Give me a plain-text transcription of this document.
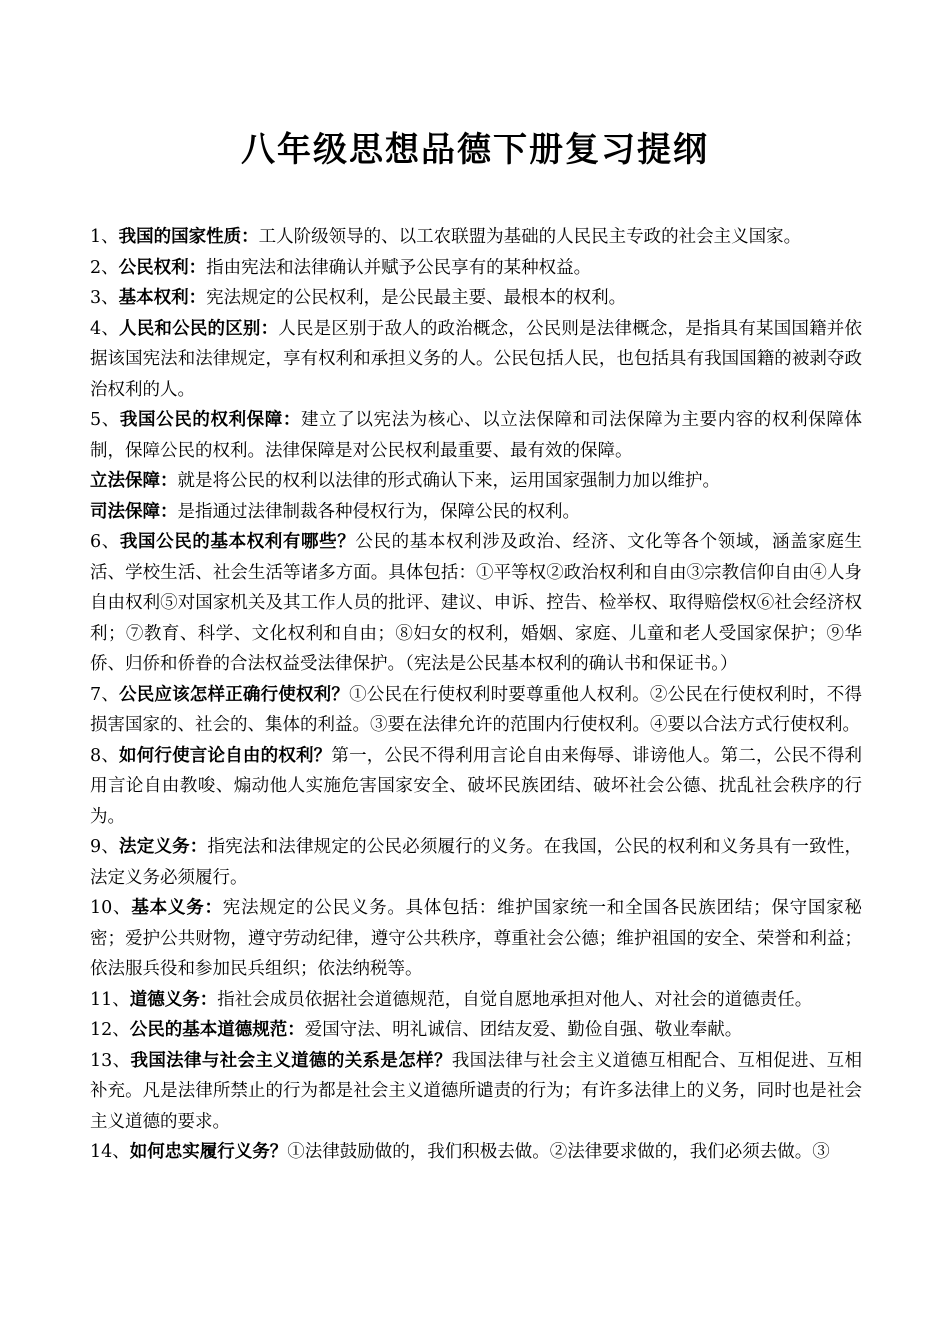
八年级思想品德下册复习提纲

1、我国的国家性质：工人阶级领导的、以工农联盟为基础的人民民主专政的社会主义国家。

2、公民权利：指由宪法和法律确认并赋予公民享有的某种权益。

3、基本权利：宪法规定的公民权利，是公民最主要、最根本的权利。

4、人民和公民的区别：人民是区别于敌人的政治概念，公民则是法律概念，是指具有某国国籍并依据该国宪法和法律规定，享有权利和承担义务的人。公民包括人民，也包括具有我国国籍的被剥夺政治权利的人。

5、我国公民的权利保障：建立了以宪法为核心、以立法保障和司法保障为主要内容的权利保障体制，保障公民的权利。法律保障是对公民权利最重要、最有效的保障。

立法保障：就是将公民的权利以法律的形式确认下来，运用国家强制力加以维护。

司法保障：是指通过法律制裁各种侵权行为，保障公民的权利。

6、我国公民的基本权利有哪些？公民的基本权利涉及政治、经济、文化等各个领域，涵盖家庭生活、学校生活、社会生活等诸多方面。具体包括：①平等权②政治权利和自由③宗教信仰自由④人身自由权利⑤对国家机关及其工作人员的批评、建议、申诉、控告、检举权、取得赔偿权⑥社会经济权利；⑦教育、科学、文化权利和自由；⑧妇女的权利，婚姻、家庭、儿童和老人受国家保护；⑨华侨、归侨和侨眷的合法权益受法律保护。（宪法是公民基本权利的确认书和保证书。）

7、公民应该怎样正确行使权利？①公民在行使权利时要尊重他人权利。②公民在行使权利时，不得损害国家的、社会的、集体的利益。③要在法律允许的范围内行使权利。④要以合法方式行使权利。

8、如何行使言论自由的权利？第一，公民不得利用言论自由来侮辱、诽谤他人。第二，公民不得利用言论自由教唆、煽动他人实施危害国家安全、破坏民族团结、破坏社会公德、扰乱社会秩序的行为。

9、法定义务：指宪法和法律规定的公民必须履行的义务。在我国，公民的权利和义务具有一致性，法定义务必须履行。

10、基本义务：宪法规定的公民义务。具体包括：维护国家统一和全国各民族团结；保守国家秘密；爱护公共财物，遵守劳动纪律，遵守公共秩序，尊重社会公德；维护祖国的安全、荣誉和利益；依法服兵役和参加民兵组织；依法纳税等。

11、道德义务：指社会成员依据社会道德规范，自觉自愿地承担对他人、对社会的道德责任。

12、公民的基本道德规范：爱国守法、明礼诚信、团结友爱、勤俭自强、敬业奉献。

13、我国法律与社会主义道德的关系是怎样？我国法律与社会主义道德互相配合、互相促进、互相补充。凡是法律所禁止的行为都是社会主义道德所谴责的行为；有许多法律上的义务，同时也是社会主义道德的要求。

14、如何忠实履行义务？①法律鼓励做的，我们积极去做。②法律要求做的，我们必须去做。③
